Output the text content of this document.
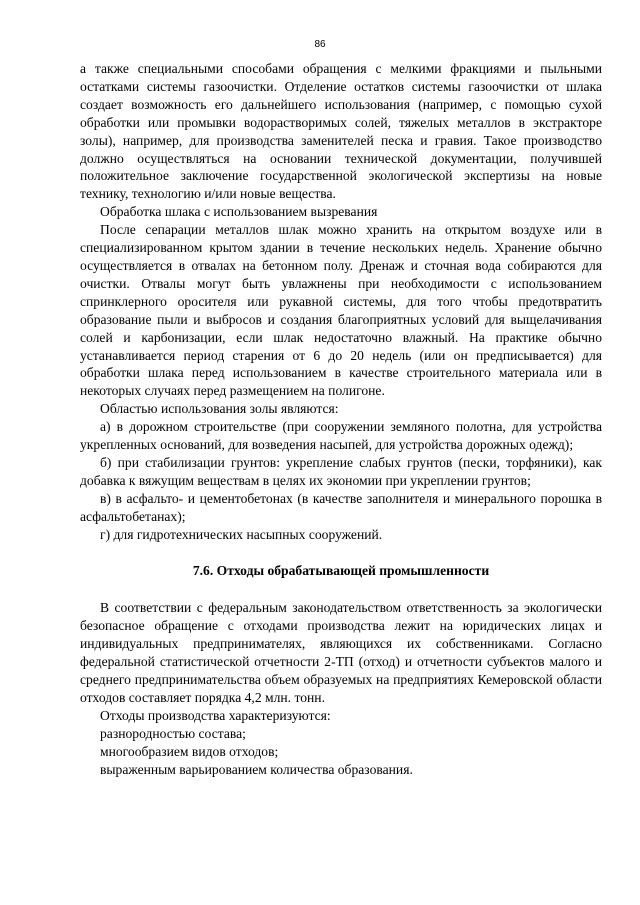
86

а также специальными способами обращения с мелкими фракциями и пыльными остатками системы газоочистки. Отделение остатков системы газоочистки от шлака создает возможность его дальнейшего использования (например, с помощью сухой обработки или промывки водорастворимых солей, тяжелых металлов в экстракторе золы), например, для производства заменителей песка и гравия. Такое производство должно осуществляться на основании технической документации, получившей положительное заключение государственной экологической экспертизы на новые технику, технологию и/или новые вещества.

Обработка шлака с использованием вызревания

После сепарации металлов шлак можно хранить на открытом воздухе или в специализированном крытом здании в течение нескольких недель. Хранение обычно осуществляется в отвалах на бетонном полу. Дренаж и сточная вода собираются для очистки. Отвалы могут быть увлажнены при необходимости с использованием спринклерного оросителя или рукавной системы, для того чтобы предотвратить образование пыли и выбросов и создания благоприятных условий для выщелачивания солей и карбонизации, если шлак недостаточно влажный. На практике обычно устанавливается период старения от 6 до 20 недель (или он предписывается) для обработки шлака перед использованием в качестве строительного материала или в некоторых случаях перед размещением на полигоне.

Областью использования золы являются:

а) в дорожном строительстве (при сооружении земляного полотна, для устройства укрепленных оснований, для возведения насыпей, для устройства дорожных одежд);

б) при стабилизации грунтов: укрепление слабых грунтов (пески, торфяники), как добавка к вяжущим веществам в целях их экономии при укреплении грунтов;

в) в асфальто- и цементобетонах (в качестве заполнителя и минерального порошка в асфальтобетанах);

г) для гидротехнических насыпных сооружений.

7.6. Отходы обрабатывающей промышленности

В соответствии с федеральным законодательством ответственность за экологически безопасное обращение с отходами производства лежит на юридических лицах и индивидуальных предпринимателях, являющихся их собственниками. Согласно федеральной статистической отчетности 2-ТП (отход) и отчетности субъектов малого и среднего предпринимательства объем образуемых на предприятиях Кемеровской области отходов составляет порядка 4,2 млн. тонн.

Отходы производства характеризуются:

разнородностью состава;

многообразием видов отходов;

выраженным варьированием количества образования.
